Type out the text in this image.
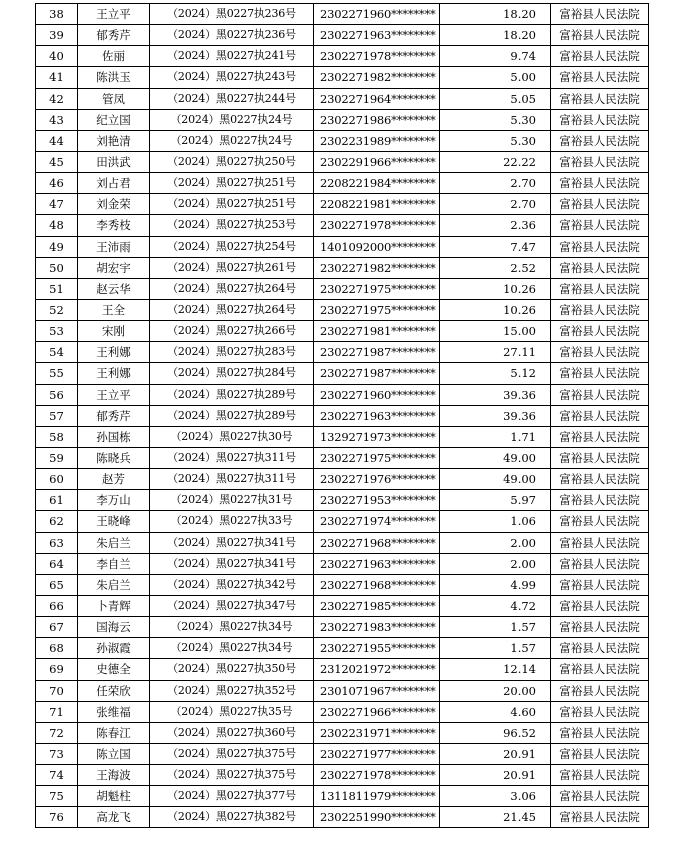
38	王立平	（2024）黑0227执236号	2302271960********	18.20	富裕县人民法院
39	郁秀芹	（2024）黑0227执236号	2302271963********	18.20	富裕县人民法院
40	佐丽	（2024）黑0227执241号	2302271978********	9.74	富裕县人民法院
41	陈洪玉	（2024）黑0227执243号	2302271982********	5.00	富裕县人民法院
42	管凤	（2024）黑0227执244号	2302271964********	5.05	富裕县人民法院
43	纪立国	（2024）黑0227执24号	2302271986********	5.30	富裕县人民法院
44	刘艳清	（2024）黑0227执24号	2302231989********	5.30	富裕县人民法院
45	田洪武	（2024）黑0227执250号	2302291966********	22.22	富裕县人民法院
46	刘占君	（2024）黑0227执251号	2208221984********	2.70	富裕县人民法院
47	刘金荣	（2024）黑0227执251号	2208221981********	2.70	富裕县人民法院
48	李秀枝	（2024）黑0227执253号	2302271978********	2.36	富裕县人民法院
49	王沛雨	（2024）黑0227执254号	1401092000********	7.47	富裕县人民法院
50	胡宏宇	（2024）黑0227执261号	2302271982********	2.52	富裕县人民法院
51	赵云华	（2024）黑0227执264号	2302271975********	10.26	富裕县人民法院
52	王全	（2024）黑0227执264号	2302271975********	10.26	富裕县人民法院
53	宋刚	（2024）黑0227执266号	2302271981********	15.00	富裕县人民法院
54	王利娜	（2024）黑0227执283号	2302271987********	27.11	富裕县人民法院
55	王利娜	（2024）黑0227执284号	2302271987********	5.12	富裕县人民法院
56	王立平	（2024）黑0227执289号	2302271960********	39.36	富裕县人民法院
57	郁秀芹	（2024）黑0227执289号	2302271963********	39.36	富裕县人民法院
58	孙国栋	（2024）黑0227执30号	1329271973********	1.71	富裕县人民法院
59	陈晓兵	（2024）黑0227执311号	2302271975********	49.00	富裕县人民法院
60	赵芳	（2024）黑0227执311号	2302271976********	49.00	富裕县人民法院
61	李万山	（2024）黑0227执31号	2302271953********	5.97	富裕县人民法院
62	王晓峰	（2024）黑0227执33号	2302271974********	1.06	富裕县人民法院
63	朱启兰	（2024）黑0227执341号	2302271968********	2.00	富裕县人民法院
64	李自兰	（2024）黑0227执341号	2302271963********	2.00	富裕县人民法院
65	朱启兰	（2024）黑0227执342号	2302271968********	4.99	富裕县人民法院
66	卜青辉	（2024）黑0227执347号	2302271985********	4.72	富裕县人民法院
67	国海云	（2024）黑0227执34号	2302271983********	1.57	富裕县人民法院
68	孙淑霞	（2024）黑0227执34号	2302271955********	1.57	富裕县人民法院
69	史德全	（2024）黑0227执350号	2312021972********	12.14	富裕县人民法院
70	任荣欣	（2024）黑0227执352号	2301071967********	20.00	富裕县人民法院
71	张维福	（2024）黑0227执35号	2302271966********	4.60	富裕县人民法院
72	陈春江	（2024）黑0227执360号	2302231971********	96.52	富裕县人民法院
73	陈立国	（2024）黑0227执375号	2302271977********	20.91	富裕县人民法院
74	王海波	（2024）黑0227执375号	2302271978********	20.91	富裕县人民法院
75	胡魁柱	（2024）黑0227执377号	1311811979********	3.06	富裕县人民法院
76	高龙飞	（2024）黑0227执382号	2302251990********	21.45	富裕县人民法院
